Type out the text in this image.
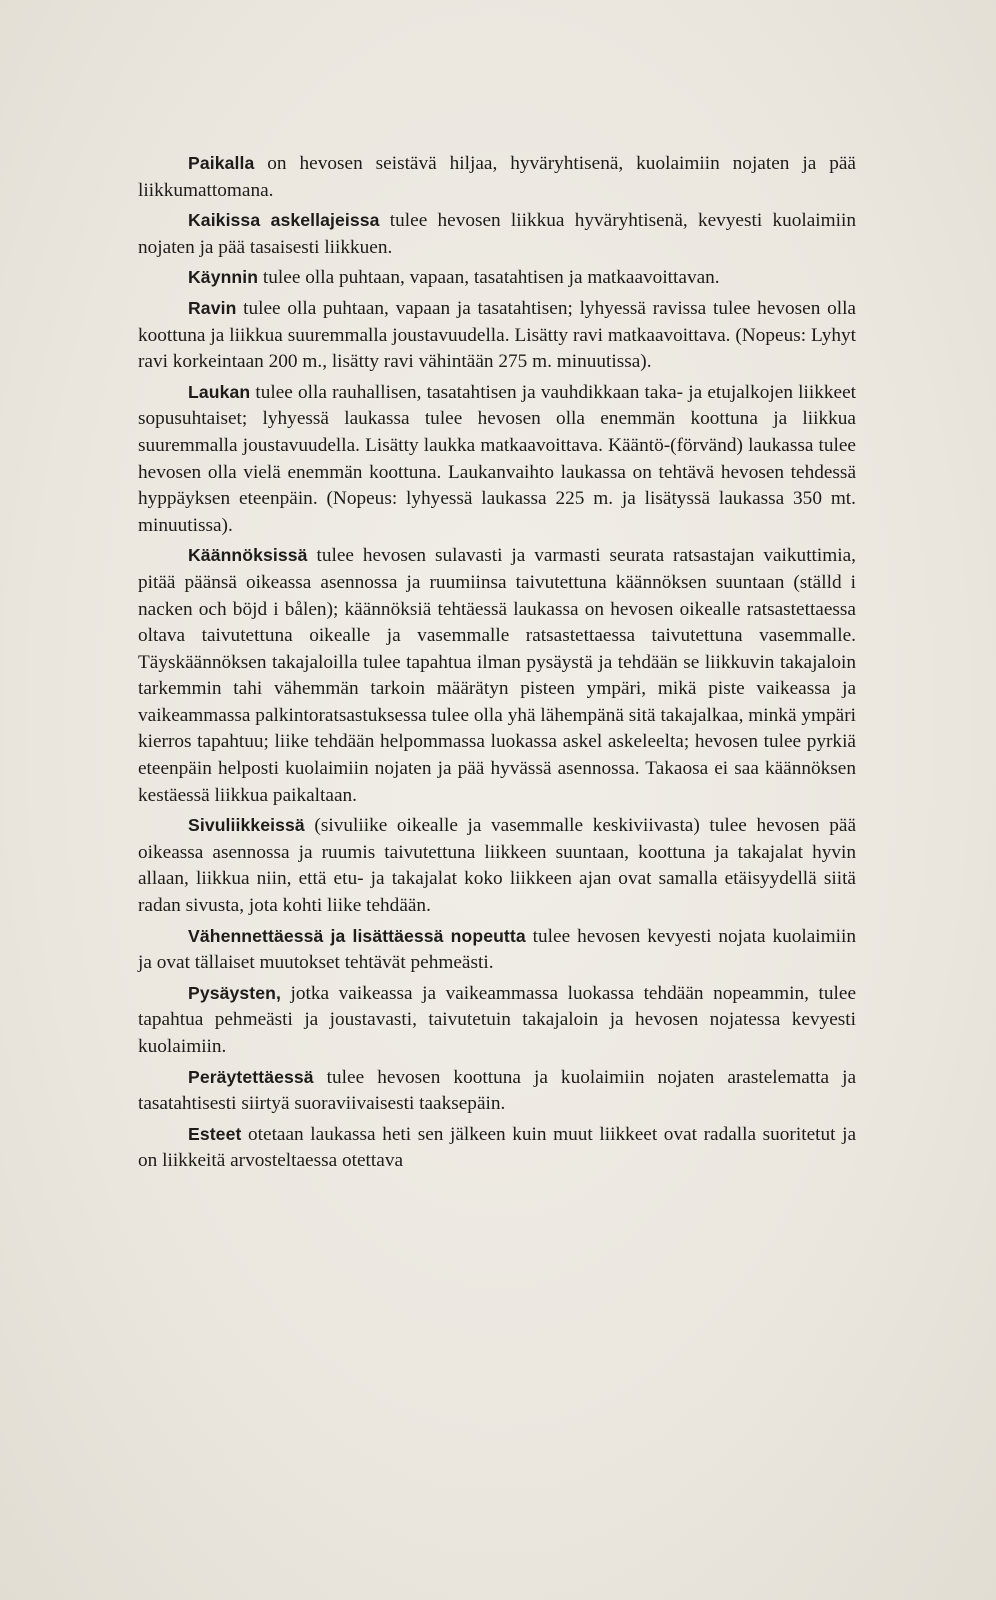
Paikalla on hevosen seistävä hiljaa, hyväryhtisenä, kuolaimiin nojaten ja pää liikkumattomana.

Kaikissa askellajeissa tulee hevosen liikkua hyväryhtisenä, kevyesti kuolaimiin nojaten ja pää tasaisesti liikkuen.

Käynnin tulee olla puhtaan, vapaan, tasatahtisen ja matkaavoittavan.

Ravin tulee olla puhtaan, vapaan ja tasatahtisen; lyhyessä ravissa tulee hevosen olla koottuna ja liikkua suuremmalla joustavuudella. Lisätty ravi matkaavoittava. (Nopeus: Lyhyt ravi korkeintaan 200 m., lisätty ravi vähintään 275 m. minuutissa).

Laukan tulee olla rauhallisen, tasatahtisen ja vauhdikkaan taka- ja etujalkojen liikkeet sopusuhtaiset; lyhyessä laukassa tulee hevosen olla enemmän koottuna ja liikkua suuremmalla joustavuudella. Lisätty laukka matkaavoittava. Kääntö-(förvänd) laukassa tulee hevosen olla vielä enemmän koottuna. Laukanvaihto laukassa on tehtävä hevosen tehdessä hyppäyksen eteenpäin. (Nopeus: lyhyessä laukassa 225 m. ja lisätyssä laukassa 350 mt. minuutissa).

Käännöksissä tulee hevosen sulavasti ja varmasti seurata ratsastajan vaikuttimia, pitää päänsä oikeassa asennossa ja ruumiinsa taivutettuna käännöksen suuntaan (ställd i nacken och böjd i bålen); käännöksiä tehtäessä laukassa on hevosen oikealle ratsastettaessa oltava taivutettuna oikealle ja vasemmalle ratsastettaessa taivutettuna vasemmalle. Täyskäännöksen takajaloilla tulee tapahtua ilman pysäystä ja tehdään se liikkuvin takajaloin tarkemmin tahi vähemmän tarkoin määrätyn pisteen ympäri, mikä piste vaikeassa ja vaikeammassa palkintoratsastuksessa tulee olla yhä lähempänä sitä takajalkaa, minkä ympäri kierros tapahtuu; liike tehdään helpommassa luokassa askel askeleelta; hevosen tulee pyrkiä eteenpäin helposti kuolaimiin nojaten ja pää hyvässä asennossa. Takaosa ei saa käännöksen kestäessä liikkua paikaltaan.

Sivuliikkeissä (sivuliike oikealle ja vasemmalle keskiviivasta) tulee hevosen pää oikeassa asennossa ja ruumis taivutettuna liikkeen suuntaan, koottuna ja takajalat hyvin allaan, liikkua niin, että etu- ja takajalat koko liikkeen ajan ovat samalla etäisyydellä siitä radan sivusta, jota kohti liike tehdään.

Vähennettäessä ja lisättäessä nopeutta tulee hevosen kevyesti nojata kuolaimiin ja ovat tällaiset muutokset tehtävät pehmeästi.

Pysäysten, jotka vaikeassa ja vaikeammassa luokassa tehdään nopeammin, tulee tapahtua pehmeästi ja joustavasti, taivutetuin takajaloin ja hevosen nojatessa kevyesti kuolaimiin.

Peräytettäessä tulee hevosen koottuna ja kuolaimiin nojaten arastelematta ja tasatahtisesti siirtyä suoraviivaisesti taaksepäin.

Esteet otetaan laukassa heti sen jälkeen kuin muut liikkeet ovat radalla suoritetut ja on liikkeitä arvosteltaessa otettava
